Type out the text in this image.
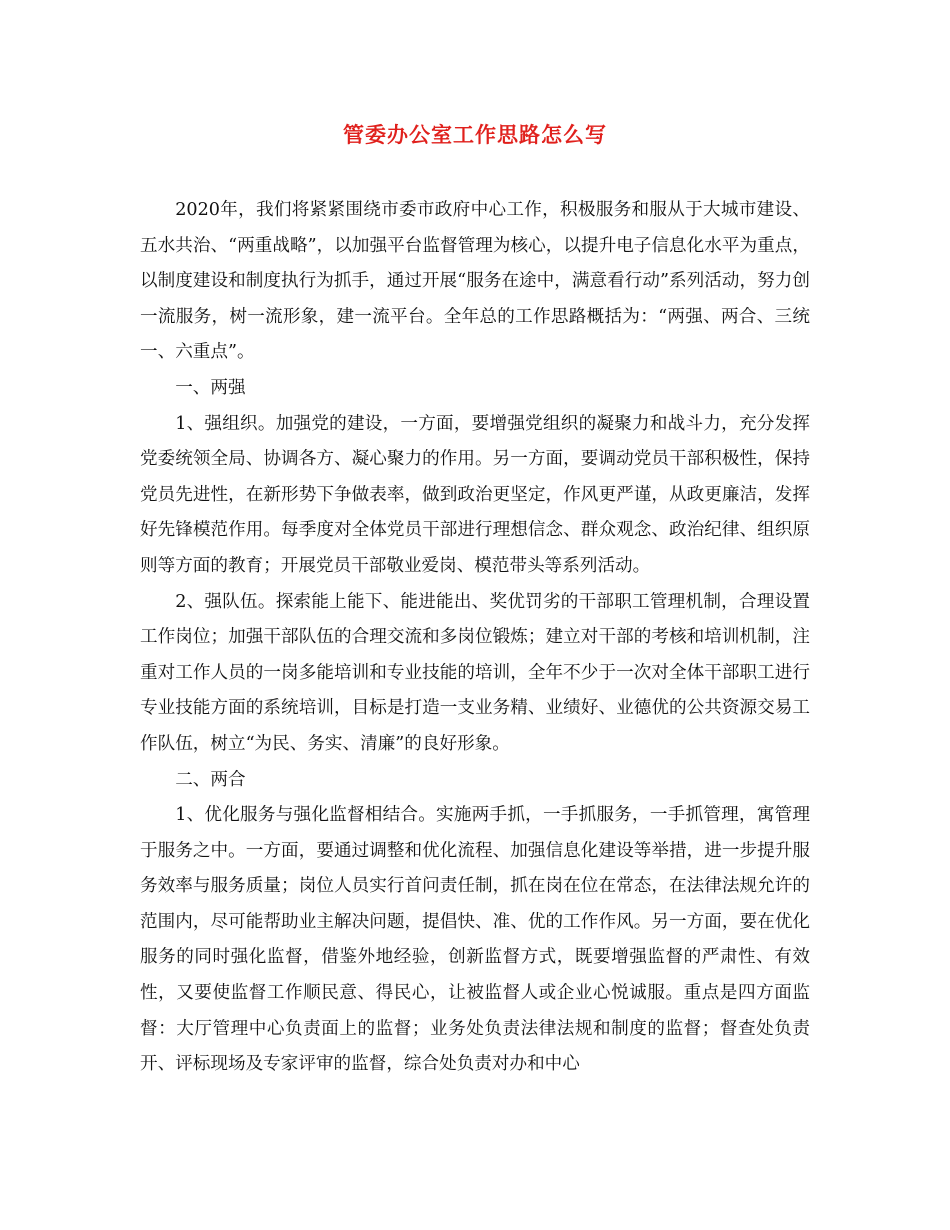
管委办公室工作思路怎么写

2020年，我们将紧紧围绕市委市政府中心工作，积极服务和服从于大城市建设、五水共治、“两重战略”，以加强平台监督管理为核心，以提升电子信息化水平为重点，以制度建设和制度执行为抓手，通过开展“服务在途中，满意看行动”系列活动，努力创一流服务，树一流形象，建一流平台。全年总的工作思路概括为：“两强、两合、三统一、六重点”。

一、两强

1、强组织。加强党的建设，一方面，要增强党组织的凝聚力和战斗力，充分发挥党委统领全局、协调各方、凝心聚力的作用。另一方面，要调动党员干部积极性，保持党员先进性，在新形势下争做表率，做到政治更坚定，作风更严谨，从政更廉洁，发挥好先锋模范作用。每季度对全体党员干部进行理想信念、群众观念、政治纪律、组织原则等方面的教育；开展党员干部敬业爱岗、模范带头等系列活动。

2、强队伍。探索能上能下、能进能出、奖优罚劣的干部职工管理机制，合理设置工作岗位；加强干部队伍的合理交流和多岗位锻炼；建立对干部的考核和培训机制，注重对工作人员的一岗多能培训和专业技能的培训，全年不少于一次对全体干部职工进行专业技能方面的系统培训，目标是打造一支业务精、业绩好、业德优的公共资源交易工作队伍，树立“为民、务实、清廉”的良好形象。

二、两合

1、优化服务与强化监督相结合。实施两手抓，一手抓服务，一手抓管理，寓管理于服务之中。一方面，要通过调整和优化流程、加强信息化建设等举措，进一步提升服务效率与服务质量；岗位人员实行首问责任制，抓在岗在位在常态，在法律法规允许的范围内，尽可能帮助业主解决问题，提倡快、准、优的工作作风。另一方面，要在优化服务的同时强化监督，借鉴外地经验，创新监督方式，既要增强监督的严肃性、有效性，又要使监督工作顺民意、得民心，让被监督人或企业心悦诚服。重点是四方面监督：大厅管理中心负责面上的监督；业务处负责法律法规和制度的监督；督查处负责开、评标现场及专家评审的监督，综合处负责对办和中心
